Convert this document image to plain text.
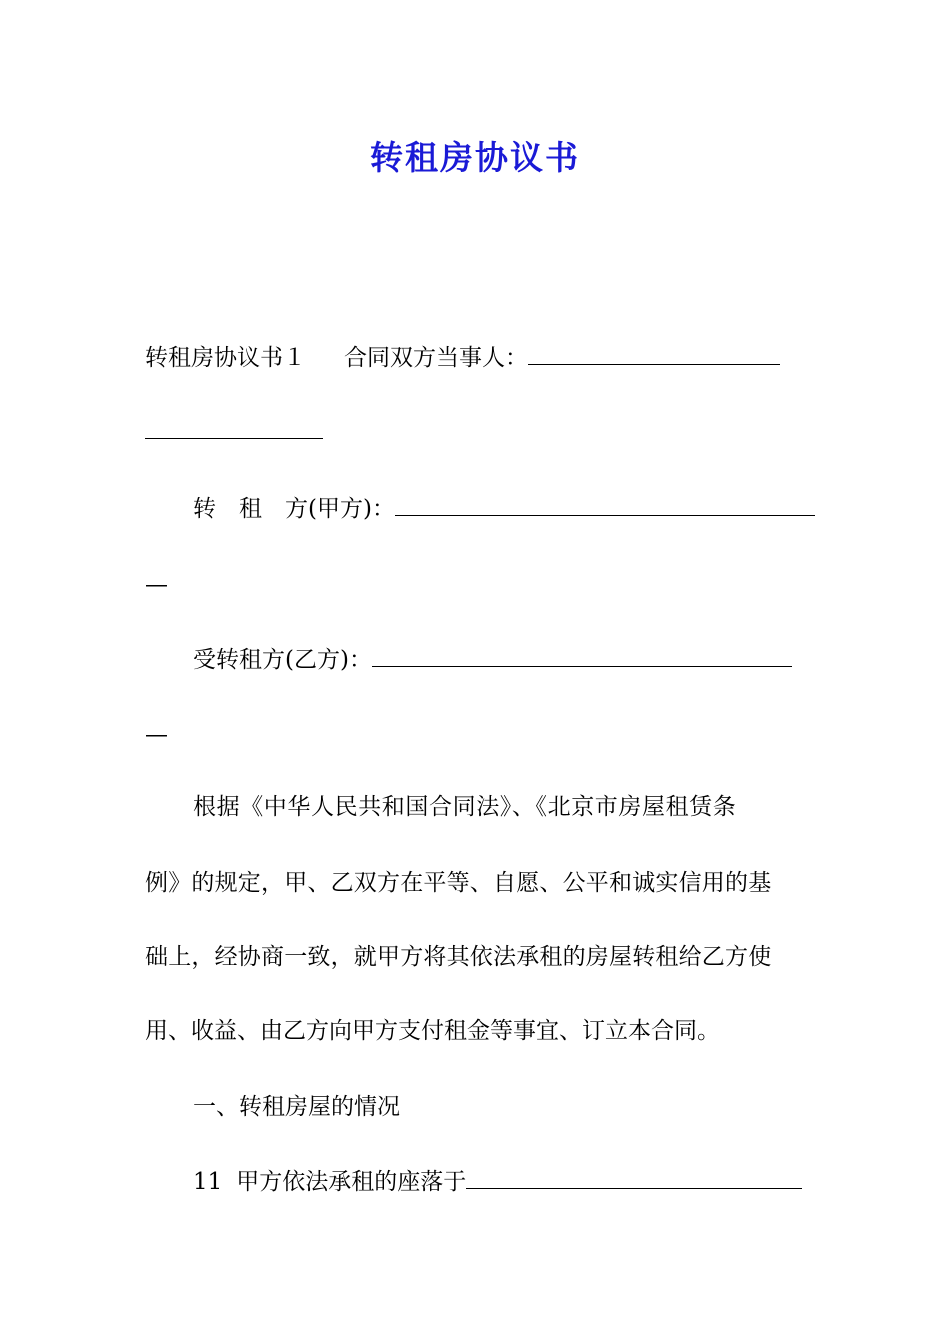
转租房协议书
转租房协议书１ 合同双方当事人：
转　租　方(甲方)：
—
受转租方(乙方)：
—
根据《中华人民共和国合同法》、《北京市房屋租赁条
例》的规定，甲、乙双方在平等、自愿、公平和诚实信用的基
础上，经协商一致，就甲方将其依法承租的房屋转租给乙方使
用、收益、由乙方向甲方支付租金等事宜、订立本合同。
一、转租房屋的情况
11 甲方依法承租的座落于
